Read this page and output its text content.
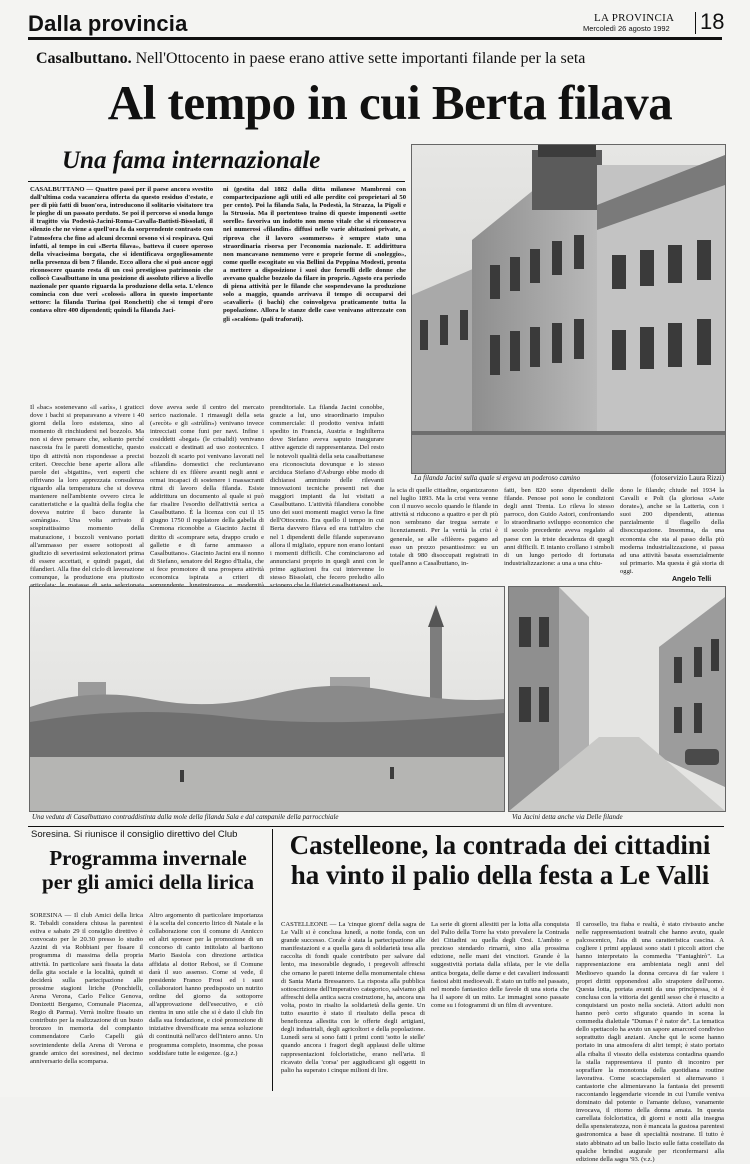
Dalla provincia	LA PROVINCIA
Mercoledì 26 agosto 1992 18
Casalbuttano. Nell'Ottocento in paese erano attive sette importanti filande per la seta
Al tempo in cui Berta filava
Una fama internazionale
CASALBUTTANO — Quattro passi per il paese ancora svestito dall'ultima coda vacanziera offerta da questo residuo d'estate, e per di più fatti di buon'ora, introducono il solitario visitatore tra le pieghe di un passato perduto. Se poi il percorso si snoda lungo il tragitto via Podestà-Jacini-Roma-Cavalla-Battisti-Bissolati, il silenzio che ne viene a quell'ora fa da sorprendente contrasto con l'atmosfera che fino ad alcuni decenni orsono vi si respirava. Qui infatti, al tempo in cui «Berta filava», batteva il cuore operoso della vivacissima borgata, che si identificava orgogliosamente nella presenza di ben 7 filande. Ecco allora che si può ancor oggi riconoscere quanto resta di un così prestigioso patrimonio che collocò Casalbuttano in una posizione di assoluto rilievo a livello nazionale per quanto riguarda la produzione della seta. L'elenco comincia con due veri «colossi» allora in questo importante settore: la filanda Turina (poi Ronchetti) che si tempi d'oro contava oltre 400 dipendenti; quindi la filanda Jaci-
ni (gestita dal 1882 dalla ditta milanese Mambreni con compartecipazione agli utili ed alle perdite coi proprietari al 50 per cento). Poi la filanda Sala, la Podestà, la Strazza, la Pigoli e la Strussia. Ma il portentoso traino di queste imponenti «sette sorelle» favoriva un indotto non meno vitale che si riconosceva nei numerosi «filandìn» diffusi nelle varie abitazioni private, a riprova che il lavoro «sommerso» è sempre stato una straordinaria risorsa per l'economia nazionale. E addirittura non mancavano nemmeno vere e proprie forme di «noleggio», come quelle escogitate su via Bellini da Peppina Modesti, pronta a mettere a disposizione i suoi due fornelli delle donne che avevano qualche bozzolo da filare in proprio. Agosto era periodo di piena attività per le filande che sospendevano la produzione solo a maggio, quando arrivava il tempo di occuparsi dei «cavalieri» (i bachi) che coinvolgeva praticamente tutta la popolazione. Allora le stanze delle case venivano attrezzate con gli «scalóon» (pali traforati).
Il «bac» sostenevano «il «arìs», i graticci dove i bachi si preparavano a vivere i 40 giorni della loro esistenza, sino al momento di rinchiudersi nel bozzolo. Ma non si deve pensare che, soltanto perché nascosta fra le pareti domestiche, questo tipo di attività non rispondesse a precisi criteri. Orecchie bene aperte allora alle parole dei «bigattin», veri esperti che offrivano la loro apprezzata consulenza riguardo alla temperatura che si doveva mantenere nell'ambiente ovvero circa le caratteristiche e la qualità della foglia che doveva nutrire il baco durante la «smàngia». Una volta arrivato il sospirattissimo momento della maturazione, i bozzoli venivano portati all'ammasso per essere sottoposti al giudizio di severissimi selezionatori prima di essere accettati, e quindi pagati, dai filandieri. Alla fine del ciclo di lavorazione comunque, la produzione era piuttosto
dove aveva sede il centro del mercato serico nazionale. I rimasugli della seta («recòt» e gli «strùlìn») venivano invece intrecciati come funi per navi. Infine i cosiddetti «begat» (le crisalidi) venivano essiccati e destinati ad uso zootecnico. I bozzoli di scarto poi venivano lavorati nel «filandìn» domestici che recluntavano schiere di ex filèere avanti negli anni e ormai incapaci di sostenere i massacranti ritmi di lavoro della filanda. Esiste addirittura un documento al quale si può far risalire l'esordio dell'attività serica a Casalbuttano. È la licenza con cui il 15 giugno 1750 il regolatore della gabella di Cremona riconobbe a Giacinto Jacini il diritto di «comprare seta, drappo crudo e gallette e di farne ammasso a Casalbuttano». Giacinto Jacini era il nonno di Stefano, senatore del Regno d'Italia, che si fece promotore di una prospera attività economica ispirata a criteri di
prenditoriale. La filanda Jacini conobbe, grazie a lui, uno straordinario impulso commerciale: il prodotto veniva infatti spedito in Francia, Austria e Inghilterra dove Stefano aveva saputo inaugurare attive agenzie di rappresentanza. Del resto le notevoli qualità della seta casalbuttanese era riconosciuta dovunque e lo stesso arciduca Stefano d'Asburgo ebbe modo di dichiarasi ammirato delle rilevanti innovazioni tecniche presenti nei due maggiori impianti da lui visitati a Casalbuttano. L'attività filandiera conobbe uno dei suoi momenti magici verso la fine dell'Ottocento. Era quello il tempo in cui Berta davvero filava ed era tutt'altro che nel 1 dipendenti delle filande superavano allora il migliaio, eppure non erano lontani i momenti difficili. Che cominciarono ad annunciarsi proprio in quegli anni con le prime agitazioni fra cui intervenne lo stesso Bissolati, che fecero preludio allo
la scia di quelle cittadine, organizzarono nel luglio 1893. Ma la crisi vera venne con il nuovo secolo quando le filande in attività si riducono a quattro e per di più non sembrano dar tregua serrate e licenziamenti. Per la verità la crisi è generale, se alle «filèere» pagano ad esso un prezzo pesantissimo: su un totale di 980 disoccupati registrati in quell'anno a Casalbuttano, in-
fatti, ben 820 sono dipendenti delle filande. Penose poi sono le condizioni degli anni Trenta. Lo rileva lo stesso parroco, don Guido Astori, confrontando lo straordinario sviluppo economico che il secolo precedente aveva regalato al paese con la triste decadenza di quegli anni difficili. E intanto crollano i simboli di un lungo periodo di fortunata industrializzazione: a una a una chiu-
dono le filande; chiude nel 1934 la Cavalli e Poli (la gloriosa «Aste dorate»), anche se la Latteria, con i suoi 200 dipendenti, attenua parzialmente il flagello della disoccupazione. Insomma, da una economia che sta al passo della più moderna industrializzazione, si passa ad una attività basata essenzialmente sul primario. Ma questa è già storia di oggi.
Angelo Telli
La filanda Jacini sulla quale si ergeva un poderoso camino	(fotoservizio Laura Rizzi)
Una veduta di Casalbuttano contraddistinta dalla mole della filanda Sala e dal campanile della parrocchiale	Via Jacini detta anche via Delle filande
Soresina. Si riunisce il consiglio direttivo del Club
Programma invernale per gli amici della lirica
SORESINA — Il club Amici della lirica R. Tebaldi considera chiusa la parentesi estiva e sabato 29 il consiglio direttivo è convocato per le 20.30 presso lo studio Azzini di via Robbiani per fissare il programma di massima della propria attività. In particolare sarà fissata la data della gita sociale e la località, quindi si deciderà sulla partecipazione alle prossime stagioni liriche (Ponchielli, Arena Verona, Carlo Felice Genova, Donizetti Bergamo, Comunale Piacenza, Regio di Parma). Verrà inoltre fissato un contributo per la realizzazione di un busto bronzeo in memoria del compianto commendatore Carlo Capelli già sovrintendente della Arena di Verona e grande amico dei soresinesi, nel decimo anniversario della scomparsa.
Altro argomento di particolare importanza è la scelta del concerto lirico di Natale e la collaborazione con il comune di Annicco ed altri sponsor per la promozione di un concorso di canto intitolato al baritono Mario Basiola con direzione artistica affidata al dottor Rebosi, se il Comune darà il suo assenso. Come si vede, il presidente Franco Frosi ed i suoi collaboratori hanno predisposto un nutrito ordine del giorno da sottoporre all'approvazione dell'esecutivo, e ciò rientra in uno stile che si è dato il club fin dalla sua fondazione, e cioè promozione di iniziative diversificate ma senza soluzione di continuità nell'arco dell'intero anno. Un programma completo, insomma, che possa soddisfare tutte le esigenze. (g.z.)
Castelleone, la contrada dei cittadini ha vinto il palio della festa a Le Valli
CASTELLEONE — La 'cinque giorni' della sagra de Le Valli si è conclusa lunedì, a notte fonda, con un grande successo. Corale è stata la partecipazione alle manifestazioni e a quella gara di solidarietà tesa alla raccolta di fondi quale contributo per salvare dal lento, ma inesorabile degrado, i pregevoli affreschi che ornano le pareti interne della monumentale chiesa di Santa Maria Bressanoro. La risposta alla pubblica sottoscrizione dell'imperativo categorico, salviamo gli affreschi della antica sacra costruzione, ha, ancora una volta, posto in risalto la solidarietà della gente. Un tutto esaurito è stato il risultato della pesca di beneficenza allestita con le offerte degli artigiani, degli industriali, degli agricoltori e della popolazione. Lunedì sera si sono fatti i primi conti 'sotto le stelle' quando ancora i fragori degli applausi delle ultime rappresentazioni folcloristiche, erano nell'aria. Il ricavato della 'corsa' per aggiudicarsi gli oggetti in palio ha superato i cinque milioni di lire.
La serie di giorni allestiti per la lotta alla conquista del Palio della Torre ha visto prevalere la Contrada dei Cittadini su quella degli Orsi. L'ambito e prezioso stendardo rimarrà, sino alla prossima edizione, nelle mani dei vincitori. Grande è la suggestività portata dalla sfilata, per le vie della antica borgata, delle dame e dei cavalieri indossanti fastosi abiti medioevali. È stato un tuffo nel passato, nel mondo fantastico delle favole di una storia che ha il sapore di un mito. Le immagini sono passate come su i fotogrammi di un film di avventure.
Il carosello, tra fiaba e realtà, è stato rivissuto anche nelle rappresentazioni teatrali che hanno avuto, quale palcoscenico, l'aia di una caratteristica cascina. A cogliere i primi applausi sono stati i piccoli attori che hanno interpretato la commedia "Fantaghirò". La rappresentazione era ambientata negli anni del Medioevo quando la donna cercava di far valere i propri diritti opponendosi allo strapotere dell'uomo. Questa lotta, portata avanti da una principessa, si è conclusa con la vittoria dei gentil sesso che è riuscito a conquistarsi un posto nella società. Attori adulti non hanno però certo sfigurato quando in scena la commedia dialettale "Dumas f' è nator de". La tematica dello spettacolo ha avuto un sapore amarcord condiviso soprattutto dagli anziani. Anche qui le scene hanno portato in una atmosfera di altri tempi; è stato portato alla ribalta il vissuto della esistenza contadina quando la stalla rappresentava il punto di incontro per sopraffare la monotonia della quotidiana routine lavorativa. Come scacciapensieri si alternavano i cantastorie che alimentavano la fantasia dei presenti raccontando leggendarie vicende in cui l'umile veniva dominato dal potente o l'amante deluso, vanamente invocava, il ritorno della donna amata. In questa carrellata folcloristica, di giorni e notti alla insegna della spensieratezza, non è mancata la gustosa parentesi gastronomica a base di specialità nostrane. Il tutto è stato abbinato ad un ballo liscio sulle fatta costellato da qualche brindisi augurale per riconfermarsi alla edizione della sagra '93. (v.z.)
